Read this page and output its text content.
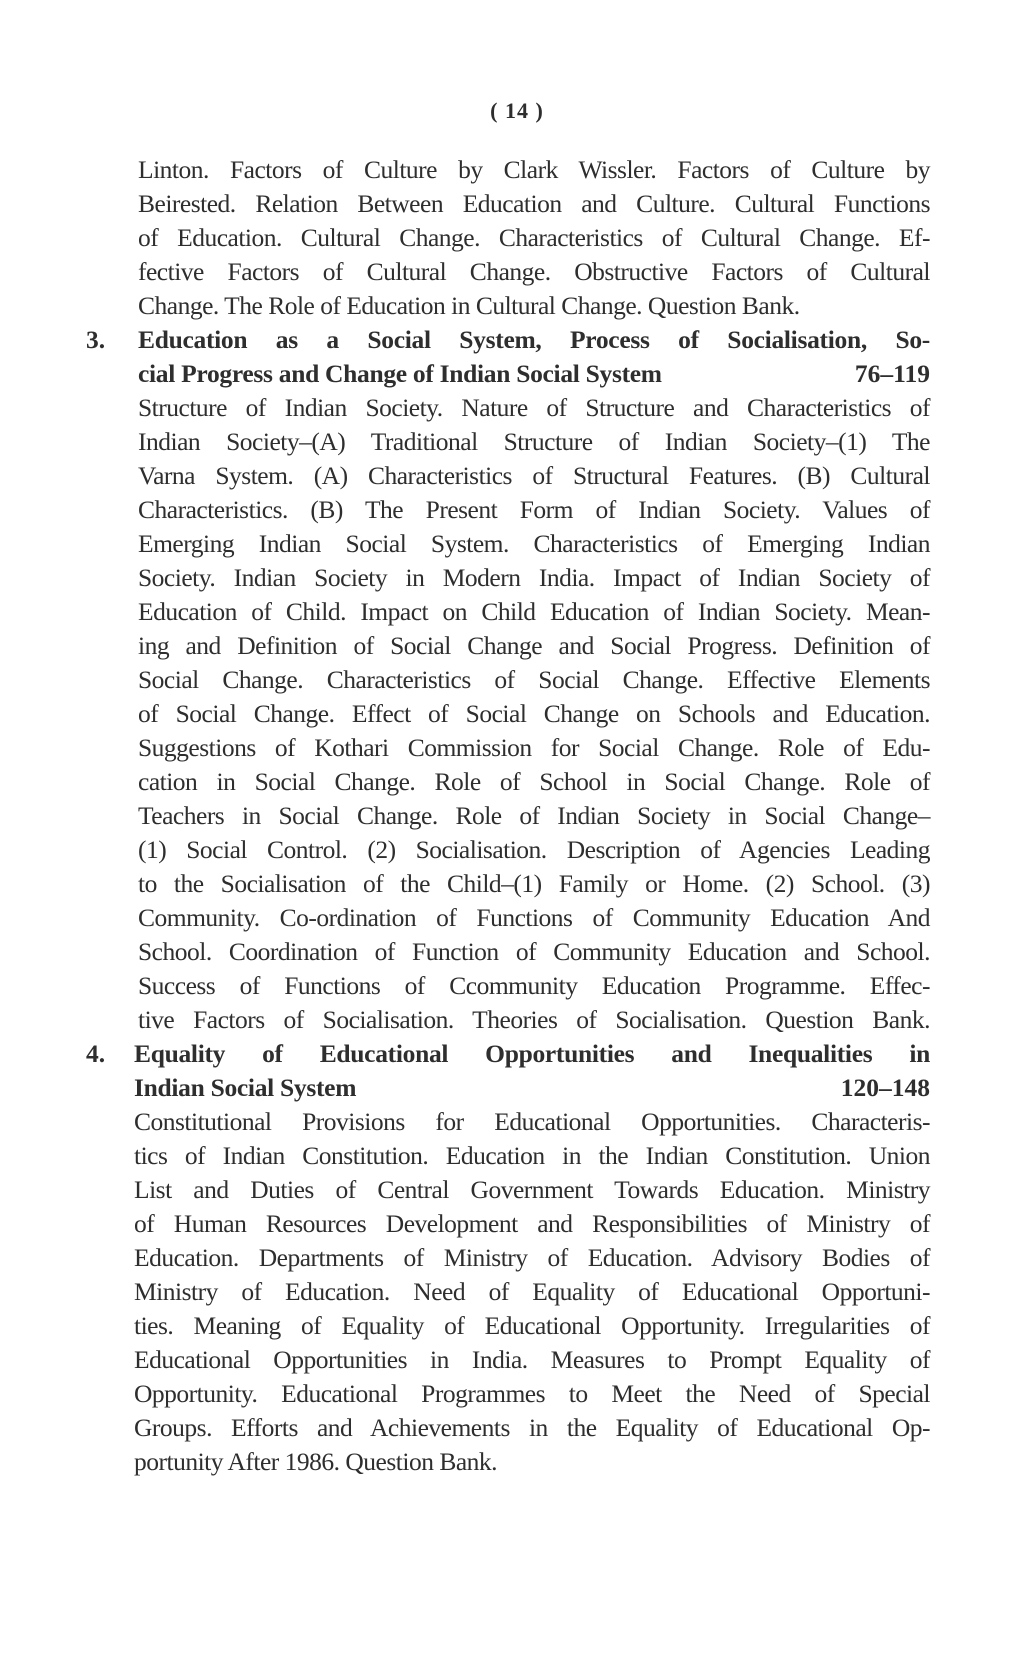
( 14 )
Linton. Factors of Culture by Clark Wissler. Factors of Culture by
Beirested. Relation Between Education and Culture. Cultural Functions
of Education. Cultural Change. Characteristics of Cultural Change. Ef-
fective Factors of Cultural Change. Obstructive Factors of Cultural
Change. The Role of Education in Cultural Change. Question Bank.
3. Education as a Social System, Process of Socialisation, So-
cial Progress and Change of Indian Social System	76–119
Structure of Indian Society. Nature of Structure and Characteristics of
Indian Society–(A) Traditional Structure of Indian Society–(1) The
Varna System. (A) Characteristics of Structural Features. (B) Cultural
Characteristics. (B) The Present Form of Indian Society. Values of
Emerging Indian Social System. Characteristics of Emerging Indian
Society. Indian Society in Modern India. Impact of Indian Society of
Education of Child. Impact on Child Education of Indian Society. Mean-
ing and Definition of Social Change and Social Progress. Definition of
Social Change. Characteristics of Social Change. Effective Elements
of Social Change. Effect of Social Change on Schools and Education.
Suggestions of Kothari Commission for Social Change. Role of Edu-
cation in Social Change. Role of School in Social Change. Role of
Teachers in Social Change. Role of Indian Society in Social Change–
(1) Social Control. (2) Socialisation. Description of Agencies Leading
to the Socialisation of the Child–(1) Family or Home. (2) School. (3)
Community. Co-ordination of Functions of Community Education And
School. Coordination of Function of Community Education and School.
Success of Functions of Ccommunity Education Programme. Effec-
tive Factors of Socialisation. Theories of Socialisation. Question Bank.
4. Equality of Educational Opportunities and Inequalities in
Indian Social System	120–148
Constitutional Provisions for Educational Opportunities. Characteris-
tics of Indian Constitution. Education in the Indian Constitution. Union
List and Duties of Central Government Towards Education. Ministry
of Human Resources Development and Responsibilities of Ministry of
Education. Departments of Ministry of Education. Advisory Bodies of
Ministry of Education. Need of Equality of Educational Opportuni-
ties. Meaning of Equality of Educational Opportunity. Irregularities of
Educational Opportunities in India. Measures to Prompt Equality of
Opportunity. Educational Programmes to Meet the Need of Special
Groups. Efforts and Achievements in the Equality of Educational Op-
portunity After 1986. Question Bank.
